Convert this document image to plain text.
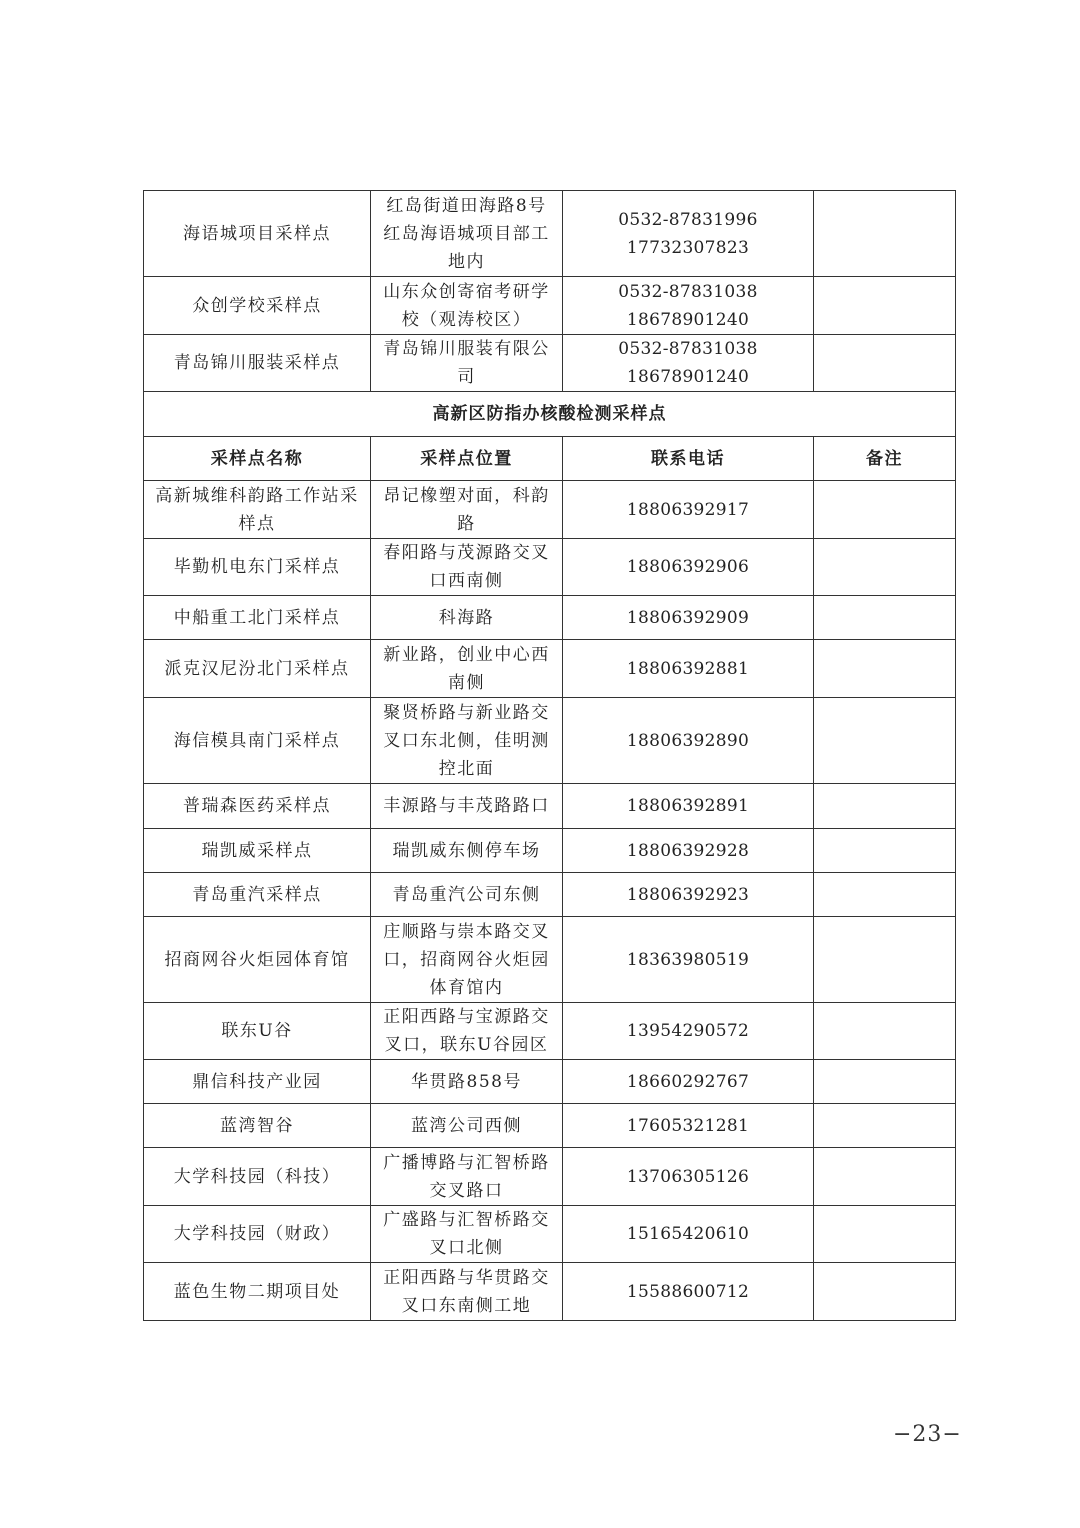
海语城项目采样点	红岛街道田海路8号
红岛海语城项目部工
地内	0532-87831996
17732307823	

众创学校采样点	山东众创寄宿考研学
校（观涛校区）	0532-87831038
18678901240	

青岛锦川服装采样点	青岛锦川服装有限公
司	0532-87831038
18678901240	

高新区防指办核酸检测采样点			
采样点名称	采样点位置	联系电话	备注

高新城维科韵路工作站采
样点	昂记橡塑对面，科韵
路	18806392917	

毕勤机电东门采样点	春阳路与茂源路交叉
口西南侧	18806392906	

中船重工北门采样点	科海路	18806392909	

派克汉尼汾北门采样点	新业路，创业中心西
南侧	18806392881	

海信模具南门采样点	聚贤桥路与新业路交
叉口东北侧，佳明测
控北面	18806392890	

普瑞森医药采样点	丰源路与丰茂路路口	18806392891	

瑞凯威采样点	瑞凯威东侧停车场	18806392928	

青岛重汽采样点	青岛重汽公司东侧	18806392923	

招商网谷火炬园体育馆	庄顺路与崇本路交叉
口，招商网谷火炬园
体育馆内	18363980519	

联东U谷	正阳西路与宝源路交
叉口，联东U谷园区	13954290572	

鼎信科技产业园	华贯路858号	18660292767	

蓝湾智谷	蓝湾公司西侧	17605321281	

大学科技园（科技）	广播博路与汇智桥路
交叉路口	13706305126	

大学科技园（财政）	广盛路与汇智桥路交
叉口北侧	15165420610	

蓝色生物二期项目处	正阳西路与华贯路交
叉口东南侧工地	15588600712	
−23−
